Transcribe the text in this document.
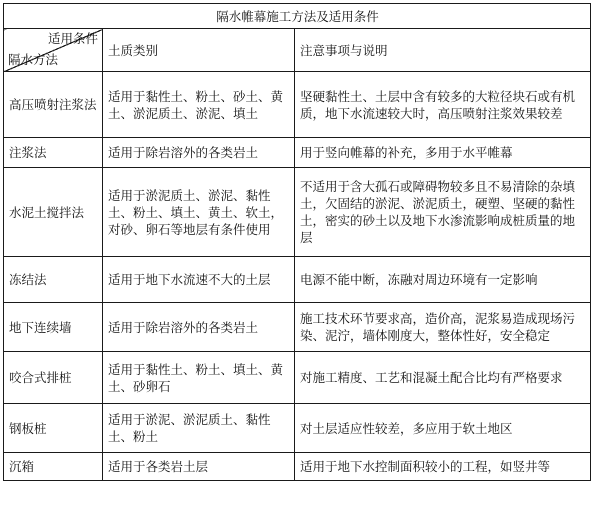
隔水帷幕施工方法及适用条件		

适用条件
隔水方法	土质类别	注意事项与说明
高压喷射注浆法	适用于黏性土、粉土、砂土、黄土、淤泥质土、淤泥、填土	坚硬黏性土、土层中含有较多的大粒径块石或有机质，地下水流速较大时，高压喷射注浆效果较差
注浆法	适用于除岩溶外的各类岩土	用于竖向帷幕的补充，多用于水平帷幕
水泥土搅拌法	适用于淤泥质土、淤泥、黏性土、粉土、填土、黄土、软土，对砂、卵石等地层有条件使用	不适用于含大孤石或障碍物较多且不易清除的杂填土，欠固结的淤泥、淤泥质土，硬塑、坚硬的黏性土，密实的砂土以及地下水渗流影响成桩质量的地层
冻结法	适用于地下水流速不大的土层	电源不能中断，冻融对周边环境有一定影响
地下连续墙	适用于除岩溶外的各类岩土	施工技术环节要求高，造价高，泥浆易造成现场污染、泥泞，墙体刚度大，整体性好，安全稳定
咬合式排桩	适用于黏性土、粉土、填土、黄土、砂卵石	对施工精度、工艺和混凝土配合比均有严格要求
钢板桩	适用于淤泥、淤泥质土、黏性土、粉土	对土层适应性较差，多应用于软土地区
沉箱	适用于各类岩土层	适用于地下水控制面积较小的工程，如竖井等
